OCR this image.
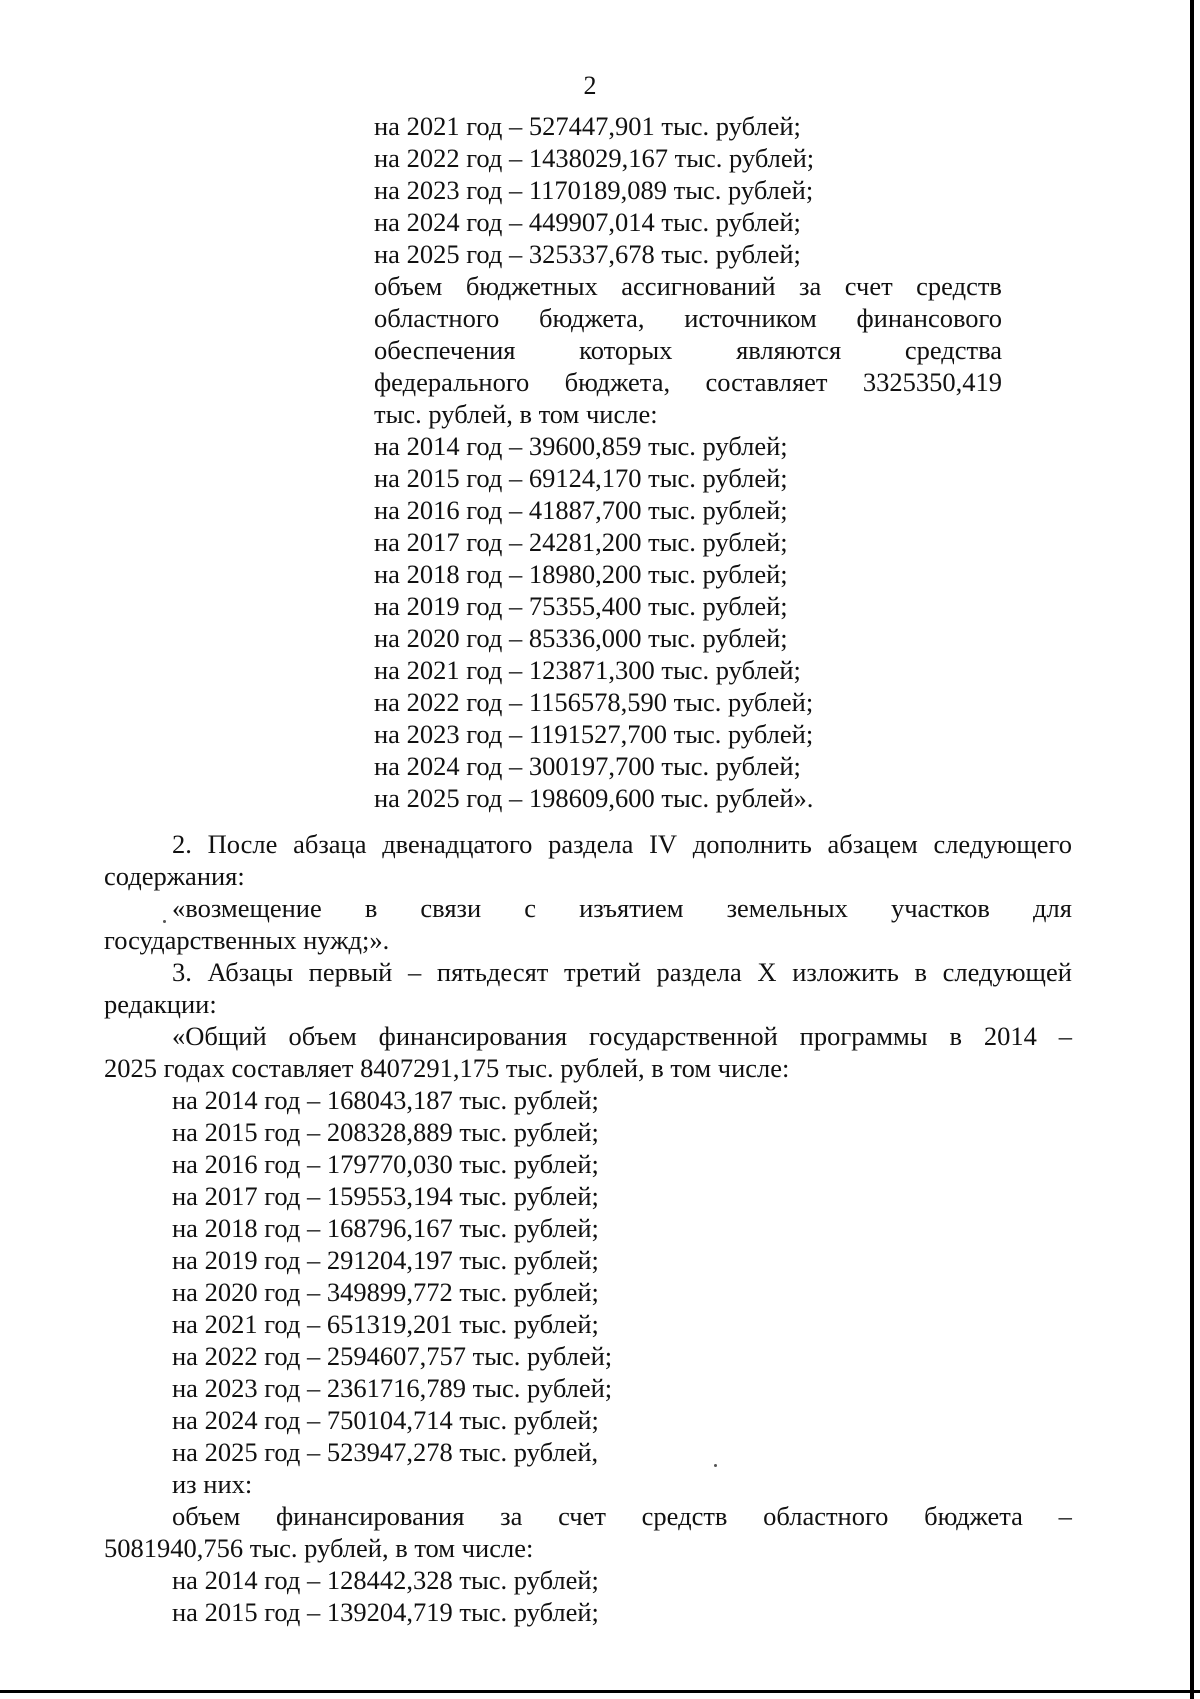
2
на 2021 год – 527447,901 тыс. рублей;
на 2022 год – 1438029,167 тыс. рублей;
на 2023 год – 1170189,089 тыс. рублей;
на 2024 год – 449907,014 тыс. рублей;
на 2025 год – 325337,678 тыс. рублей;
объем бюджетных ассигнований за счет средств
областного бюджета, источником финансового
обеспечения которых являются средства
федерального бюджета, составляет 3325350,419
тыс. рублей, в том числе:
на 2014 год – 39600,859 тыс. рублей;
на 2015 год – 69124,170 тыс. рублей;
на 2016 год – 41887,700 тыс. рублей;
на 2017 год – 24281,200 тыс. рублей;
на 2018 год – 18980,200 тыс. рублей;
на 2019 год – 75355,400 тыс. рублей;
на 2020 год – 85336,000 тыс. рублей;
на 2021 год – 123871,300 тыс. рублей;
на 2022 год – 1156578,590 тыс. рублей;
на 2023 год – 1191527,700 тыс. рублей;
на 2024 год – 300197,700 тыс. рублей;
на 2025 год – 198609,600 тыс. рублей».
2. После абзаца двенадцатого раздела IV дополнить абзацем следующего
содержания:
«возмещение в связи с изъятием земельных участков для
государственных нужд;».
3. Абзацы первый – пятьдесят третий раздела X изложить в следующей
редакции:
«Общий объем финансирования государственной программы в 2014 –
2025 годах составляет 8407291,175 тыс. рублей, в том числе:
на 2014 год – 168043,187 тыс. рублей;
на 2015 год – 208328,889 тыс. рублей;
на 2016 год – 179770,030 тыс. рублей;
на 2017 год – 159553,194 тыс. рублей;
на 2018 год – 168796,167 тыс. рублей;
на 2019 год – 291204,197 тыс. рублей;
на 2020 год – 349899,772 тыс. рублей;
на 2021 год – 651319,201 тыс. рублей;
на 2022 год – 2594607,757 тыс. рублей;
на 2023 год – 2361716,789 тыс. рублей;
на 2024 год – 750104,714 тыс. рублей;
на 2025 год – 523947,278 тыс. рублей,
из них:
объем финансирования за счет средств областного бюджета –
5081940,756 тыс. рублей, в том числе:
на 2014 год – 128442,328 тыс. рублей;
на 2015 год – 139204,719 тыс. рублей;
